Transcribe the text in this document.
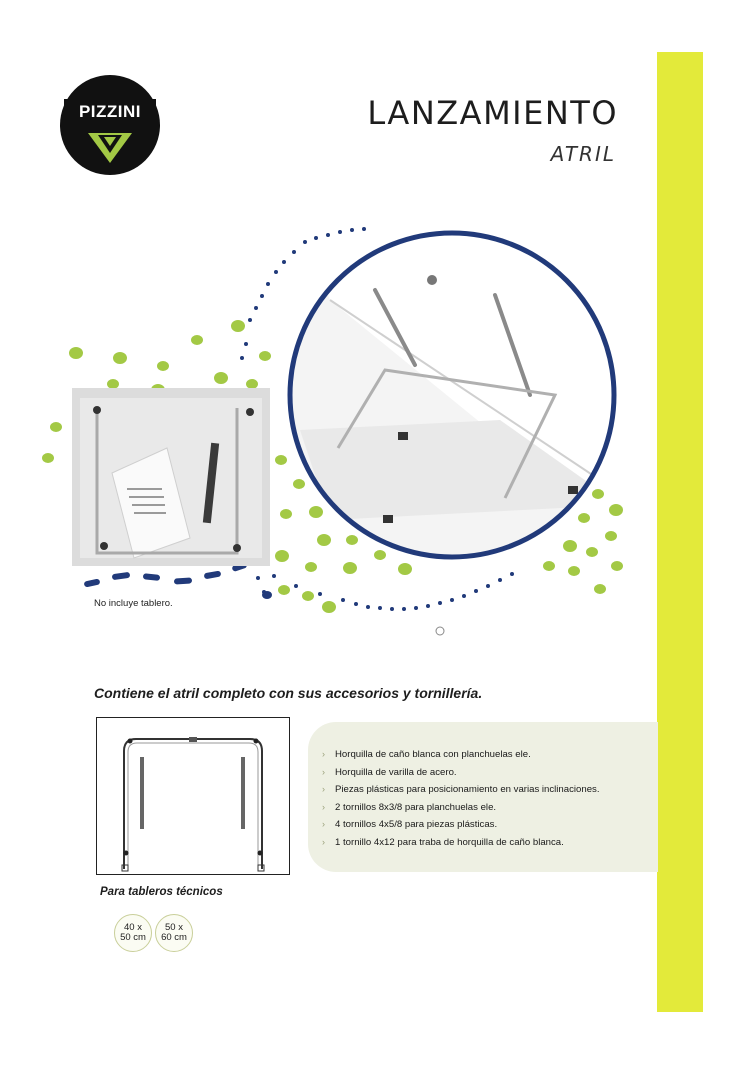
PIZZINI	LANZAMIENTO
ATRIL
No incluye tablero.
Contiene el atril completo con sus accesorios y tornillería.
› Horquilla de caño blanca con planchuelas ele.
› Horquilla de varilla de acero.
› Piezas plásticas para posicionamiento en varias inclinaciones.
› 2 tornillos 8x3/8 para planchuelas ele.
› 4 tornillos 4x5/8 para piezas plásticas.
› 1 tornillo 4x12 para traba de horquilla de caño blanca.
Para tableros técnicos
40 x
50 cm
50 x
60 cm
